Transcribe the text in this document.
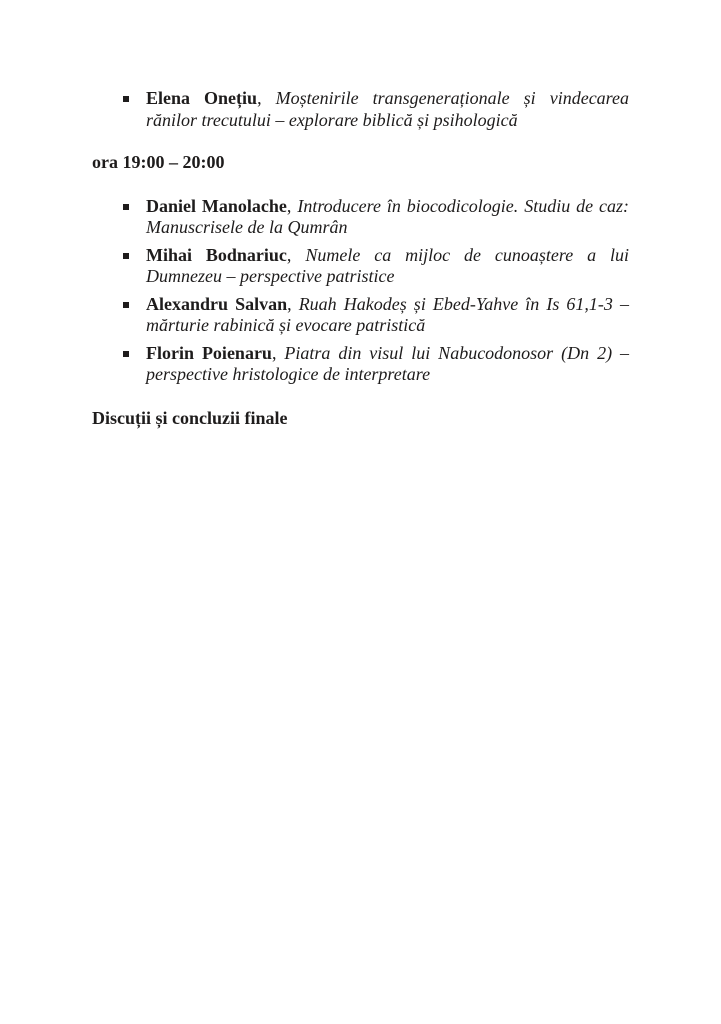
Elena Onețiu, Moștenirile transgeneraționale și vindecarea rănilor trecutului – explorare biblică și psihologică
ora 19:00 – 20:00
Daniel Manolache, Introducere în biocodicologie. Studiu de caz: Manuscrisele de la Qumrân
Mihai Bodnariuc, Numele ca mijloc de cunoaștere a lui Dumnezeu – perspective patristice
Alexandru Salvan, Ruah Hakodeș și Ebed-Yahve în Is 61,1-3 – mărturie rabinică și evocare patristică
Florin Poienaru, Piatra din visul lui Nabucodonosor (Dn 2) – perspective hristologice de interpretare
Discuții și concluzii finale
